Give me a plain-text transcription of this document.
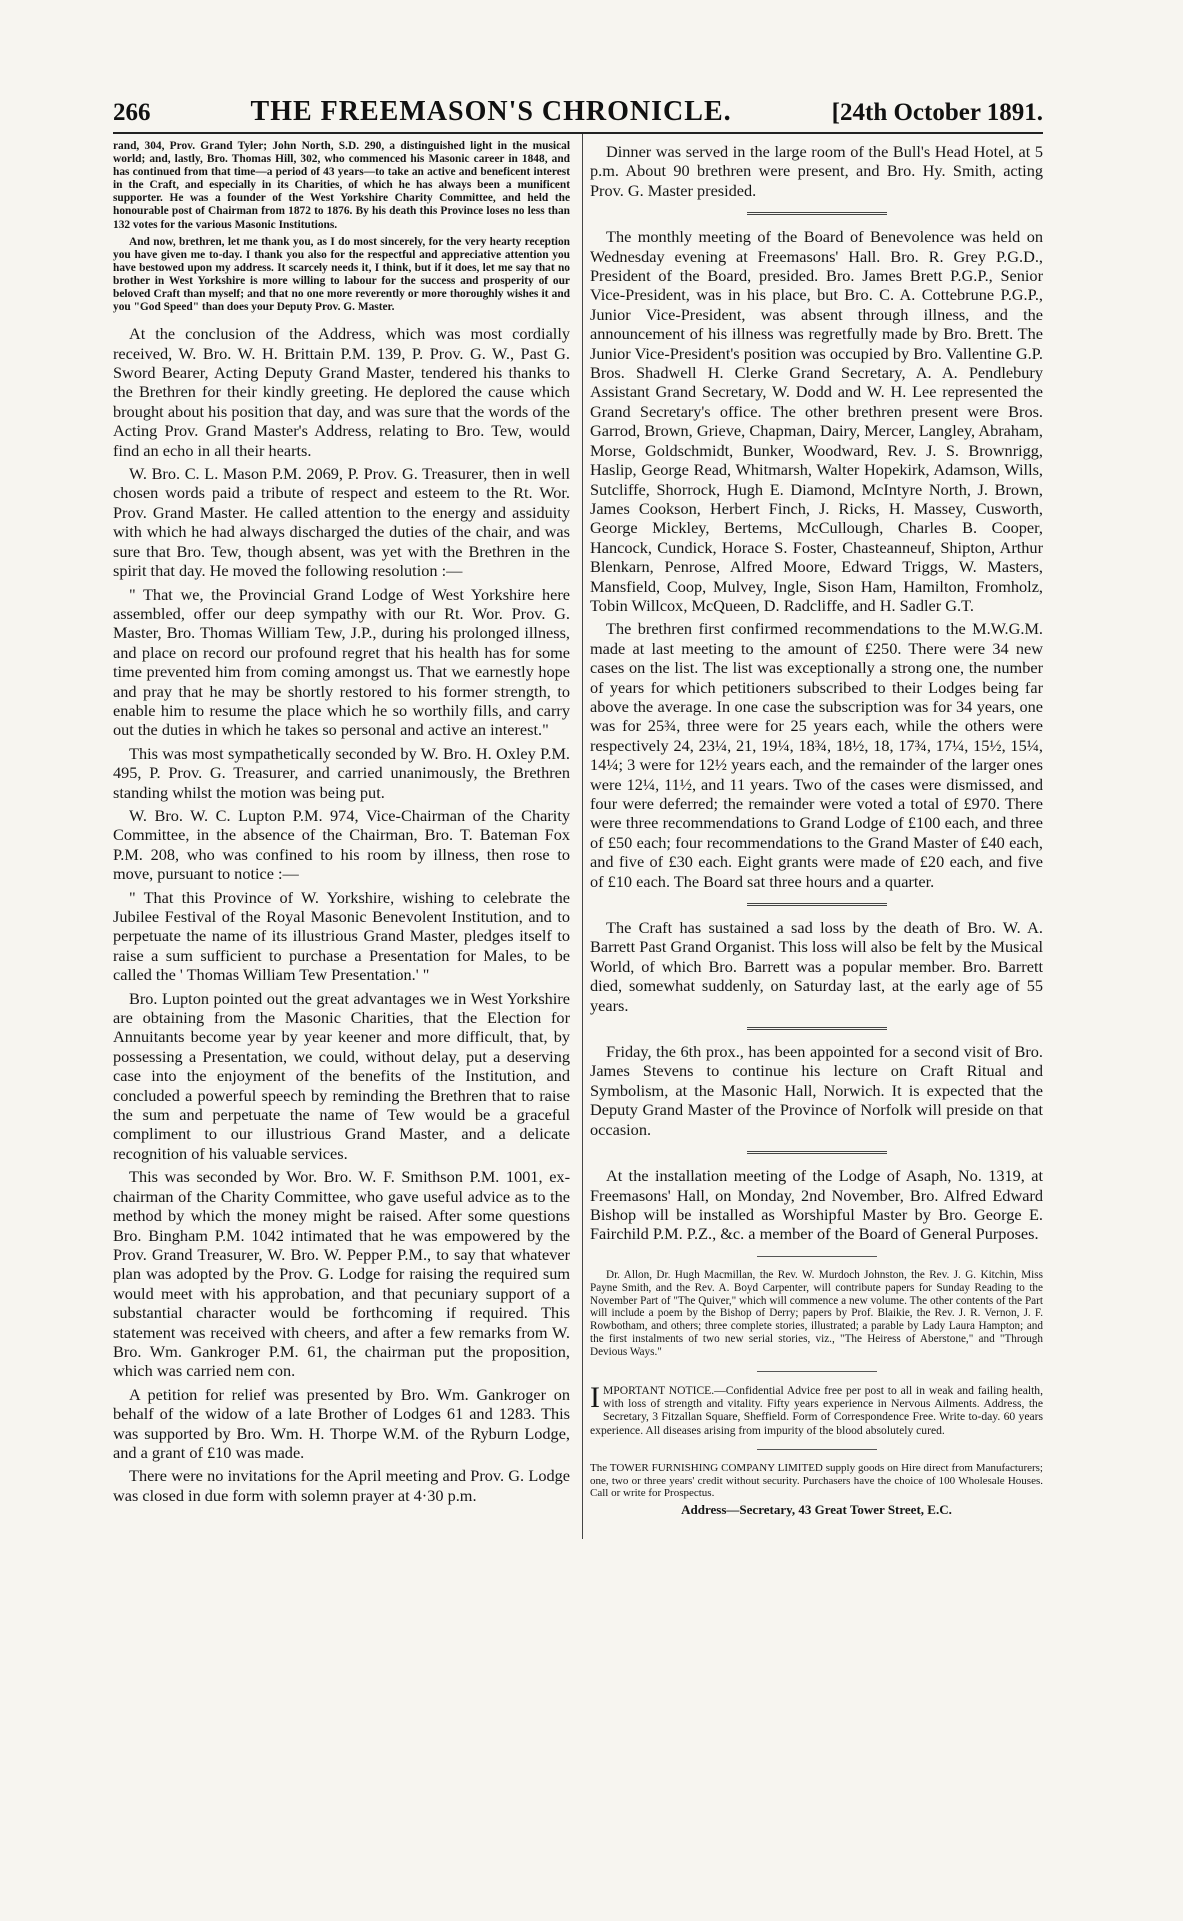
266	THE FREEMASON'S CHRONICLE.	[24th October 1891.

rand, 304, Prov. Grand Tyler; John North, S.D. 290, a distinguished light in the musical world; and, lastly, Bro. Thomas Hill, 302, who commenced his Masonic career in 1848, and has continued from that time—a period of 43 years—to take an active and beneficent interest in the Craft, and especially in its Charities, of which he has always been a munificent supporter. He was a founder of the West Yorkshire Charity Committee, and held the honourable post of Chairman from 1872 to 1876. By his death this Province loses no less than 132 votes for the various Masonic Institutions.

And now, brethren, let me thank you, as I do most sincerely, for the very hearty reception you have given me to-day. I thank you also for the respectful and appreciative attention you have bestowed upon my address. It scarcely needs it, I think, but if it does, let me say that no brother in West Yorkshire is more willing to labour for the success and prosperity of our beloved Craft than myself; and that no one more reverently or more thoroughly wishes it and you "God Speed" than does your Deputy Prov. G. Master.

At the conclusion of the Address, which was most cordially received, W. Bro. W. H. Brittain P.M. 139, P. Prov. G. W., Past G. Sword Bearer, Acting Deputy Grand Master, tendered his thanks to the Brethren for their kindly greeting. He deplored the cause which brought about his position that day, and was sure that the words of the Acting Prov. Grand Master's Address, relating to Bro. Tew, would find an echo in all their hearts.

W. Bro. C. L. Mason P.M. 2069, P. Prov. G. Treasurer, then in well chosen words paid a tribute of respect and esteem to the Rt. Wor. Prov. Grand Master. He called attention to the energy and assiduity with which he had always discharged the duties of the chair, and was sure that Bro. Tew, though absent, was yet with the Brethren in the spirit that day. He moved the following resolution :—

" That we, the Provincial Grand Lodge of West Yorkshire here assembled, offer our deep sympathy with our Rt. Wor. Prov. G. Master, Bro. Thomas William Tew, J.P., during his prolonged illness, and place on record our profound regret that his health has for some time prevented him from coming amongst us. That we earnestly hope and pray that he may be shortly restored to his former strength, to enable him to resume the place which he so worthily fills, and carry out the duties in which he takes so personal and active an interest."

This was most sympathetically seconded by W. Bro. H. Oxley P.M. 495, P. Prov. G. Treasurer, and carried unanimously, the Brethren standing whilst the motion was being put.

W. Bro. W. C. Lupton P.M. 974, Vice-Chairman of the Charity Committee, in the absence of the Chairman, Bro. T. Bateman Fox P.M. 208, who was confined to his room by illness, then rose to move, pursuant to notice :—

" That this Province of W. Yorkshire, wishing to celebrate the Jubilee Festival of the Royal Masonic Benevolent Institution, and to perpetuate the name of its illustrious Grand Master, pledges itself to raise a sum sufficient to purchase a Presentation for Males, to be called the ' Thomas William Tew Presentation.' "

Bro. Lupton pointed out the great advantages we in West Yorkshire are obtaining from the Masonic Charities, that the Election for Annuitants become year by year keener and more difficult, that, by possessing a Presentation, we could, without delay, put a deserving case into the enjoyment of the benefits of the Institution, and concluded a powerful speech by reminding the Brethren that to raise the sum and perpetuate the name of Tew would be a graceful compliment to our illustrious Grand Master, and a delicate recognition of his valuable services.

This was seconded by Wor. Bro. W. F. Smithson P.M. 1001, ex-chairman of the Charity Committee, who gave useful advice as to the method by which the money might be raised. After some questions Bro. Bingham P.M. 1042 intimated that he was empowered by the Prov. Grand Treasurer, W. Bro. W. Pepper P.M., to say that whatever plan was adopted by the Prov. G. Lodge for raising the required sum would meet with his approbation, and that pecuniary support of a substantial character would be forthcoming if required. This statement was received with cheers, and after a few remarks from W. Bro. Wm. Gankroger P.M. 61, the chairman put the proposition, which was carried nem con.

A petition for relief was presented by Bro. Wm. Gankroger on behalf of the widow of a late Brother of Lodges 61 and 1283. This was supported by Bro. Wm. H. Thorpe W.M. of the Ryburn Lodge, and a grant of £10 was made.

There were no invitations for the April meeting and Prov. G. Lodge was closed in due form with solemn prayer at 4·30 p.m.

Dinner was served in the large room of the Bull's Head Hotel, at 5 p.m. About 90 brethren were present, and Bro. Hy. Smith, acting Prov. G. Master presided.

The monthly meeting of the Board of Benevolence was held on Wednesday evening at Freemasons' Hall. Bro. R. Grey P.G.D., President of the Board, presided. Bro. James Brett P.G.P., Senior Vice-President, was in his place, but Bro. C. A. Cottebrune P.G.P., Junior Vice-President, was absent through illness, and the announcement of his illness was regretfully made by Bro. Brett. The Junior Vice-President's position was occupied by Bro. Vallentine G.P. Bros. Shadwell H. Clerke Grand Secretary, A. A. Pendlebury Assistant Grand Secretary, W. Dodd and W. H. Lee represented the Grand Secretary's office. The other brethren present were Bros. Garrod, Brown, Grieve, Chapman, Dairy, Mercer, Langley, Abraham, Morse, Goldschmidt, Bunker, Woodward, Rev. J. S. Brownrigg, Haslip, George Read, Whitmarsh, Walter Hopekirk, Adamson, Wills, Sutcliffe, Shorrock, Hugh E. Diamond, McIntyre North, J. Brown, James Cookson, Herbert Finch, J. Ricks, H. Massey, Cusworth, George Mickley, Bertems, McCullough, Charles B. Cooper, Hancock, Cundick, Horace S. Foster, Chasteanneuf, Shipton, Arthur Blenkarn, Penrose, Alfred Moore, Edward Triggs, W. Masters, Mansfield, Coop, Mulvey, Ingle, Sison Ham, Hamilton, Fromholz, Tobin Willcox, McQueen, D. Radcliffe, and H. Sadler G.T.

The brethren first confirmed recommendations to the M.W.G.M. made at last meeting to the amount of £250. There were 34 new cases on the list. The list was exceptionally a strong one, the number of years for which petitioners subscribed to their Lodges being far above the average. In one case the subscription was for 34 years, one was for 25¾, three were for 25 years each, while the others were respectively 24, 23¼, 21, 19¼, 18¾, 18½, 18, 17¾, 17¼, 15½, 15¼, 14¼; 3 were for 12½ years each, and the remainder of the larger ones were 12¼, 11½, and 11 years. Two of the cases were dismissed, and four were deferred; the remainder were voted a total of £970. There were three recommendations to Grand Lodge of £100 each, and three of £50 each; four recommendations to the Grand Master of £40 each, and five of £30 each. Eight grants were made of £20 each, and five of £10 each. The Board sat three hours and a quarter.

The Craft has sustained a sad loss by the death of Bro. W. A. Barrett Past Grand Organist. This loss will also be felt by the Musical World, of which Bro. Barrett was a popular member. Bro. Barrett died, somewhat suddenly, on Saturday last, at the early age of 55 years.

Friday, the 6th prox., has been appointed for a second visit of Bro. James Stevens to continue his lecture on Craft Ritual and Symbolism, at the Masonic Hall, Norwich. It is expected that the Deputy Grand Master of the Province of Norfolk will preside on that occasion.

At the installation meeting of the Lodge of Asaph, No. 1319, at Freemasons' Hall, on Monday, 2nd November, Bro. Alfred Edward Bishop will be installed as Worshipful Master by Bro. George E. Fairchild P.M. P.Z., &c. a member of the Board of General Purposes.

Dr. Allon, Dr. Hugh Macmillan, the Rev. W. Murdoch Johnston, the Rev. J. G. Kitchin, Miss Payne Smith, and the Rev. A. Boyd Carpenter, will contribute papers for Sunday Reading to the November Part of "The Quiver," which will commence a new volume. The other contents of the Part will include a poem by the Bishop of Derry; papers by Prof. Blaikie, the Rev. J. R. Vernon, J. F. Rowbotham, and others; three complete stories, illustrated; a parable by Lady Laura Hampton; and the first instalments of two new serial stories, viz., "The Heiress of Aberstone," and "Through Devious Ways."

I MPORTANT NOTICE.—Confidential Advice free per post to all in weak and failing health, with loss of strength and vitality. Fifty years experience in Nervous Ailments. Address, the Secretary, 3 Fitzallan Square, Sheffield. Form of Correspondence Free. Write to-day. 60 years experience. All diseases arising from impurity of the blood absolutely cured.
The TOWER FURNISHING COMPANY LIMITED supply goods on Hire direct from Manufacturers; one, two or three years' credit without security. Purchasers have the choice of 100 Wholesale Houses. Call or write for Prospectus.
Address—Secretary, 43 Great Tower Street, E.C.
